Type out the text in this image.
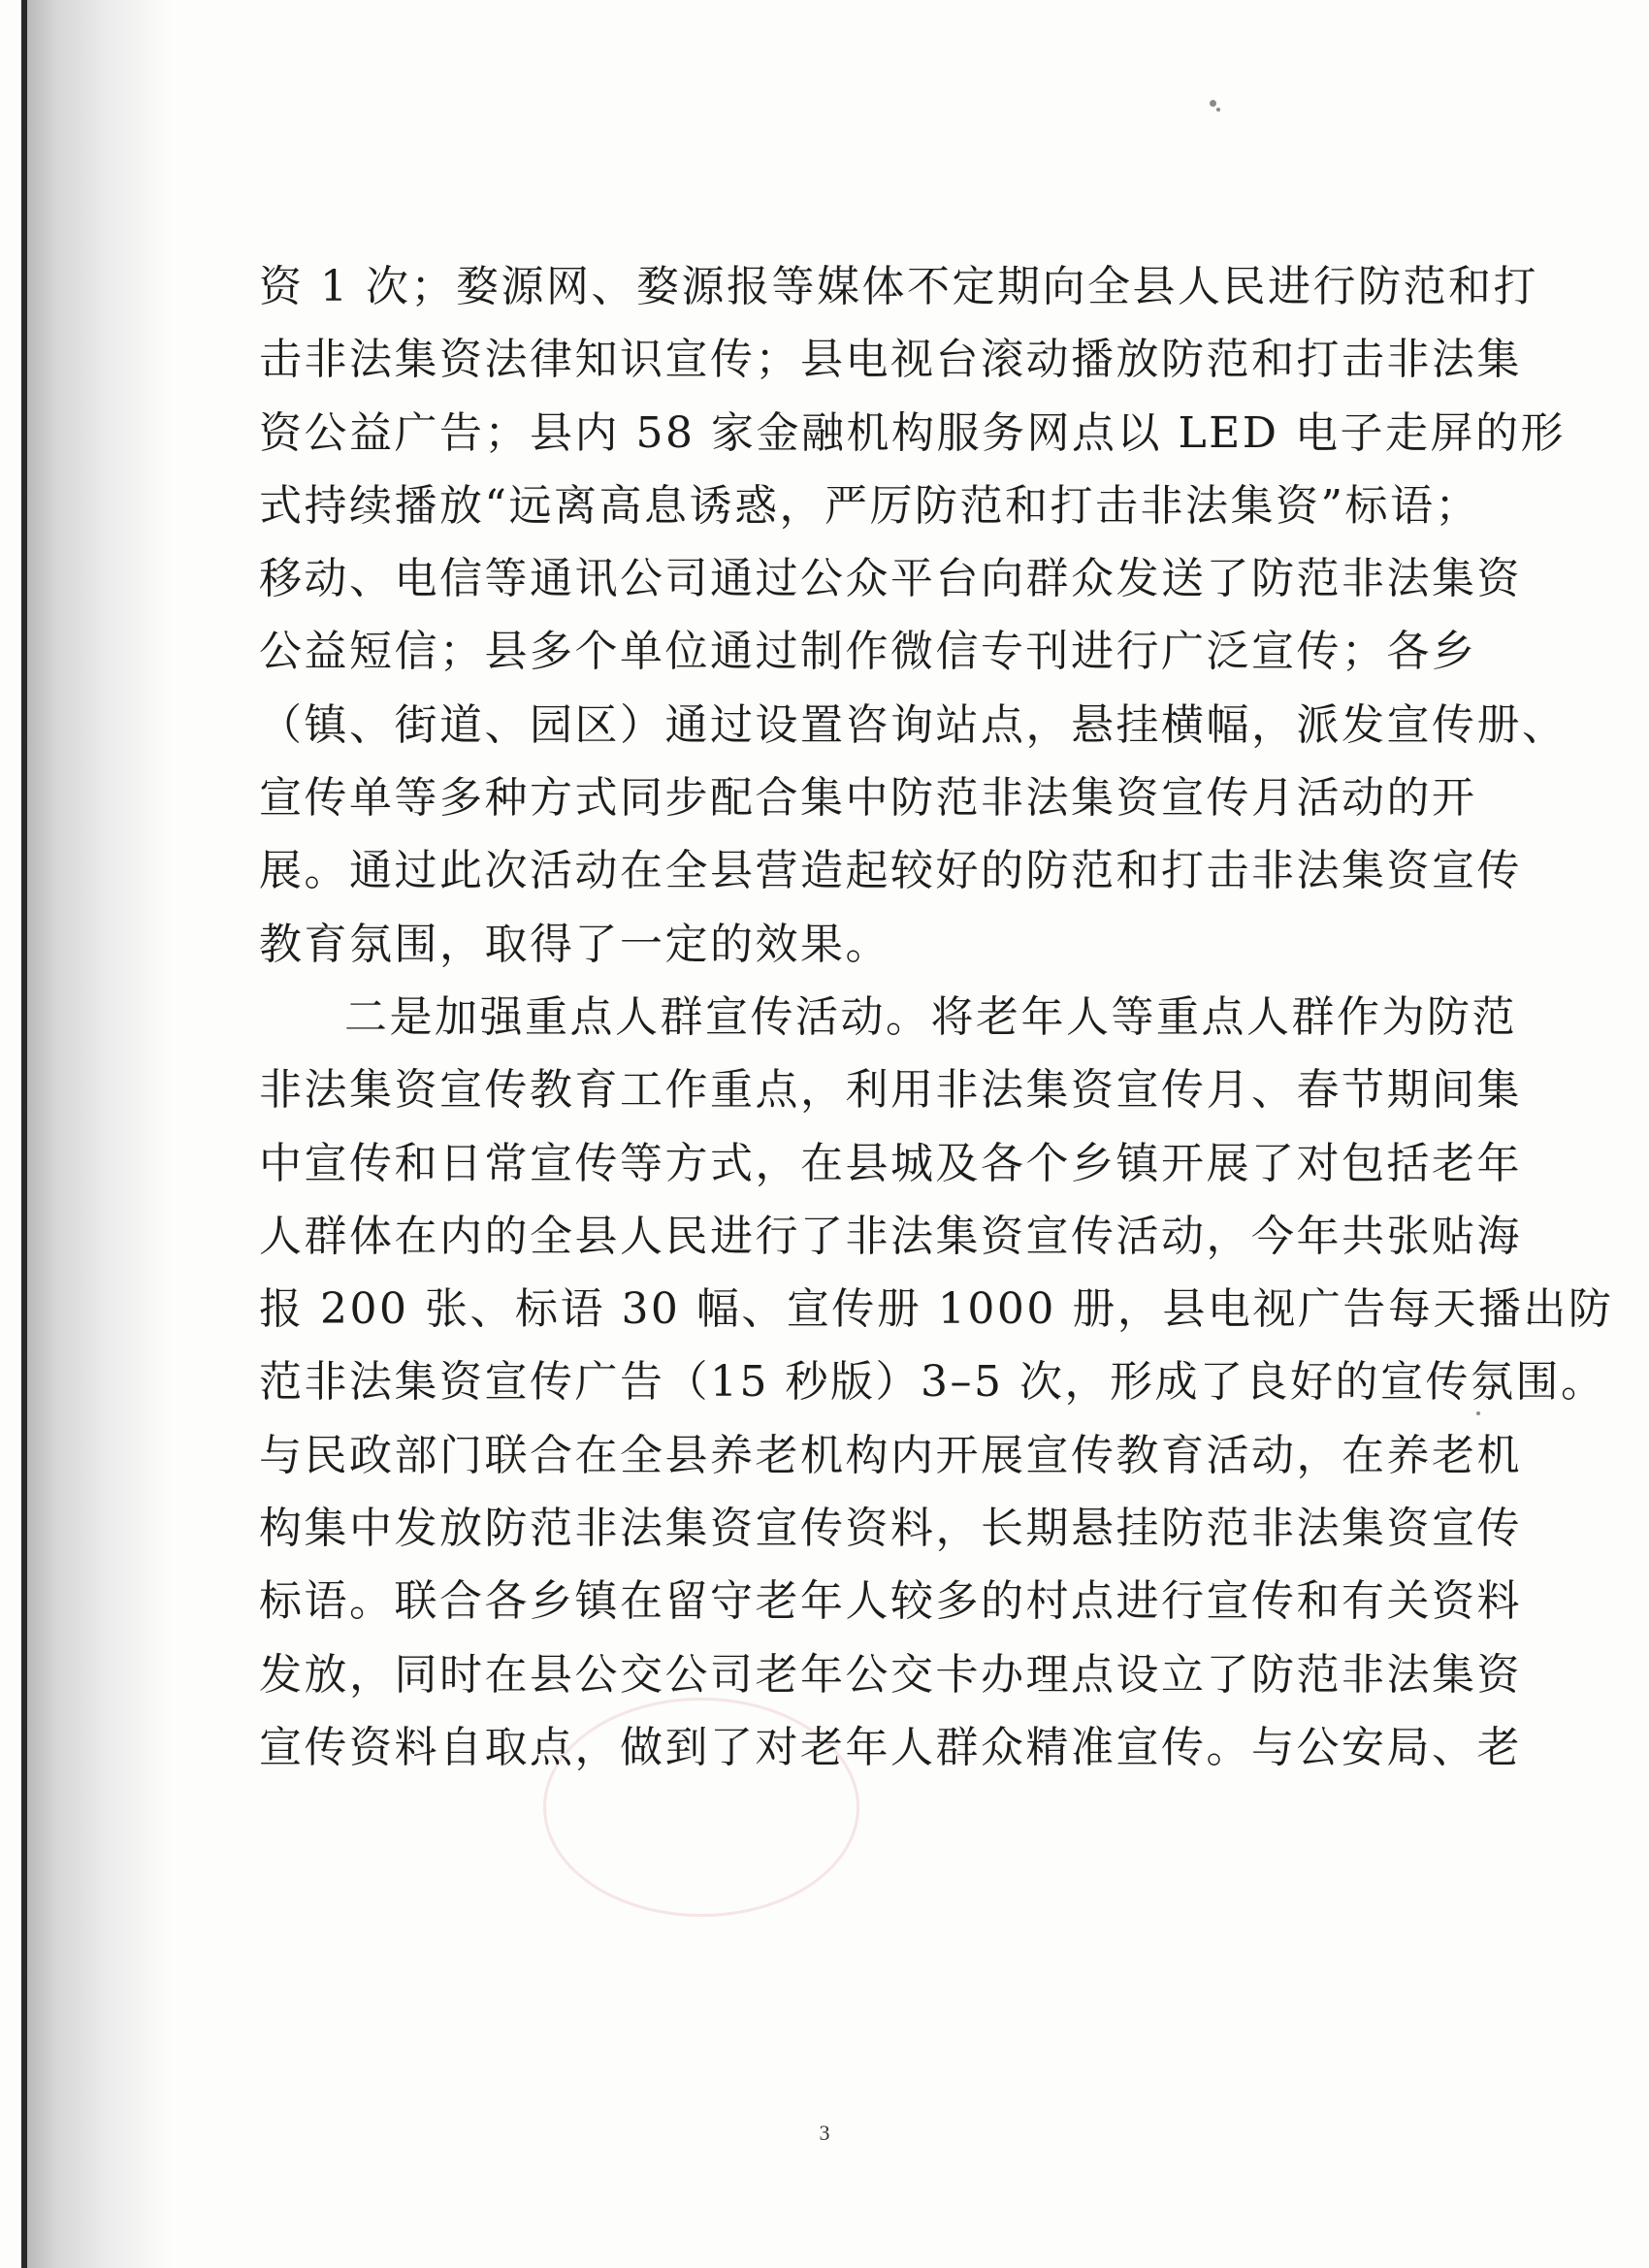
资 1 次；婺源网、婺源报等媒体不定期向全县人民进行防范和打
击非法集资法律知识宣传；县电视台滚动播放防范和打击非法集
资公益广告；县内 58 家金融机构服务网点以 LED 电子走屏的形
式持续播放“远离高息诱惑，严厉防范和打击非法集资”标语；
移动、电信等通讯公司通过公众平台向群众发送了防范非法集资
公益短信；县多个单位通过制作微信专刊进行广泛宣传；各乡
（镇、街道、园区）通过设置咨询站点，悬挂横幅，派发宣传册、
宣传单等多种方式同步配合集中防范非法集资宣传月活动的开
展。通过此次活动在全县营造起较好的防范和打击非法集资宣传
教育氛围，取得了一定的效果。
二是加强重点人群宣传活动。将老年人等重点人群作为防范
非法集资宣传教育工作重点，利用非法集资宣传月、春节期间集
中宣传和日常宣传等方式，在县城及各个乡镇开展了对包括老年
人群体在内的全县人民进行了非法集资宣传活动，今年共张贴海
报 200 张、标语 30 幅、宣传册 1000 册，县电视广告每天播出防
范非法集资宣传广告（15 秒版）3–5 次，形成了良好的宣传氛围。
与民政部门联合在全县养老机构内开展宣传教育活动，在养老机
构集中发放防范非法集资宣传资料，长期悬挂防范非法集资宣传
标语。联合各乡镇在留守老年人较多的村点进行宣传和有关资料
发放，同时在县公交公司老年公交卡办理点设立了防范非法集资
宣传资料自取点，做到了对老年人群众精准宣传。与公安局、老
3
